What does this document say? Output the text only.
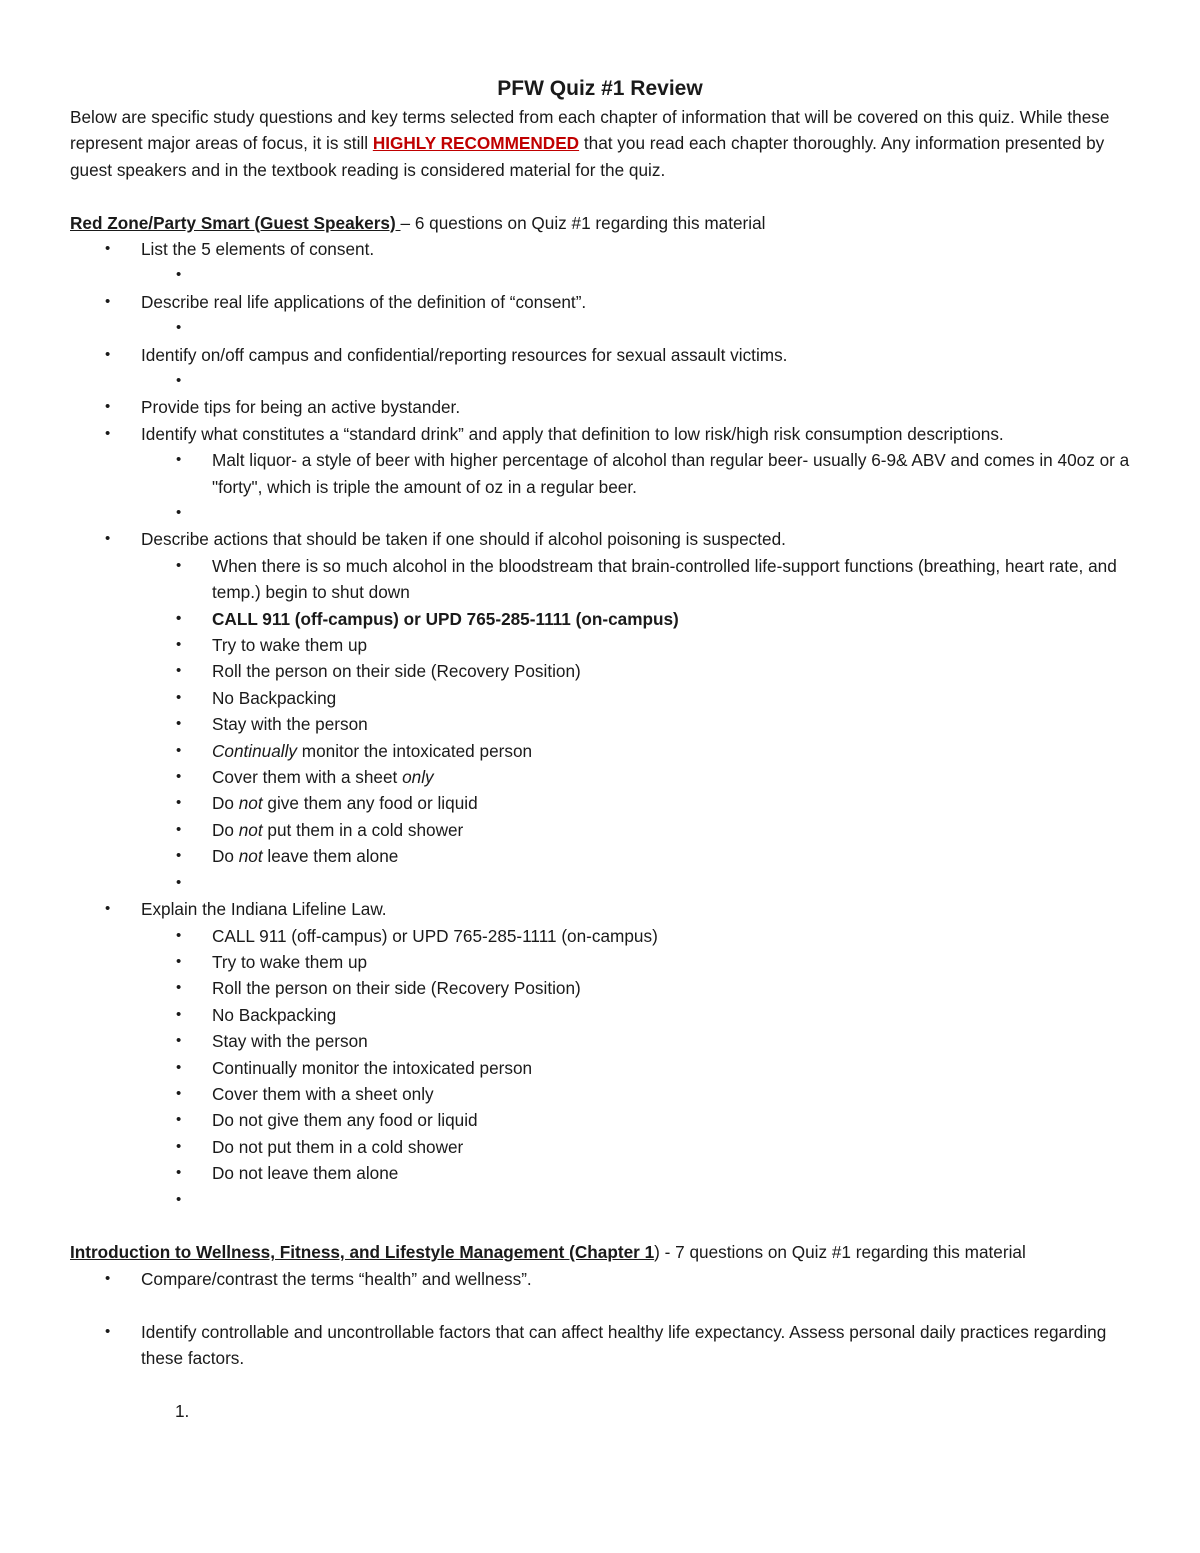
PFW Quiz #1 Review

Below are specific study questions and key terms selected from each chapter of information that will be covered on this quiz. While these represent major areas of focus, it is still HIGHLY RECOMMENDED that you read each chapter thoroughly. Any information presented by guest speakers and in the textbook reading is considered material for the quiz.

Red Zone/Party Smart (Guest Speakers) – 6 questions on Quiz #1 regarding this material

• List the 5 elements of consent.
•
• Describe real life applications of the definition of “consent”.
•
• Identify on/off campus and confidential/reporting resources for sexual assault victims.
•
• Provide tips for being an active bystander.
• Identify what constitutes a “standard drink” and apply that definition to low risk/high risk consumption descriptions.
• Malt liquor- a style of beer with higher percentage of alcohol than regular beer- usually 6-9& ABV and comes in 40oz or a "forty", which is triple the amount of oz in a regular beer.
•
• Describe actions that should be taken if one should if alcohol poisoning is suspected.
• When there is so much alcohol in the bloodstream that brain-controlled life-support functions (breathing, heart rate, and temp.) begin to shut down
• CALL 911 (off-campus) or UPD 765-285-1111 (on-campus)
• Try to wake them up
• Roll the person on their side (Recovery Position)
• No Backpacking
• Stay with the person
• Continually monitor the intoxicated person
• Cover them with a sheet only
• Do not give them any food or liquid
• Do not put them in a cold shower
• Do not leave them alone
•
• Explain the Indiana Lifeline Law.
• CALL 911 (off-campus) or UPD 765-285-1111 (on-campus)
• Try to wake them up
• Roll the person on their side (Recovery Position)
• No Backpacking
• Stay with the person
• Continually monitor the intoxicated person
• Cover them with a sheet only
• Do not give them any food or liquid
• Do not put them in a cold shower
• Do not leave them alone
•

Introduction to Wellness, Fitness, and Lifestyle Management (Chapter 1) - 7 questions on Quiz #1 regarding this material

• Compare/contrast the terms “health” and wellness”.
• Identify controllable and uncontrollable factors that can affect healthy life expectancy. Assess personal daily practices regarding these factors.
1.
